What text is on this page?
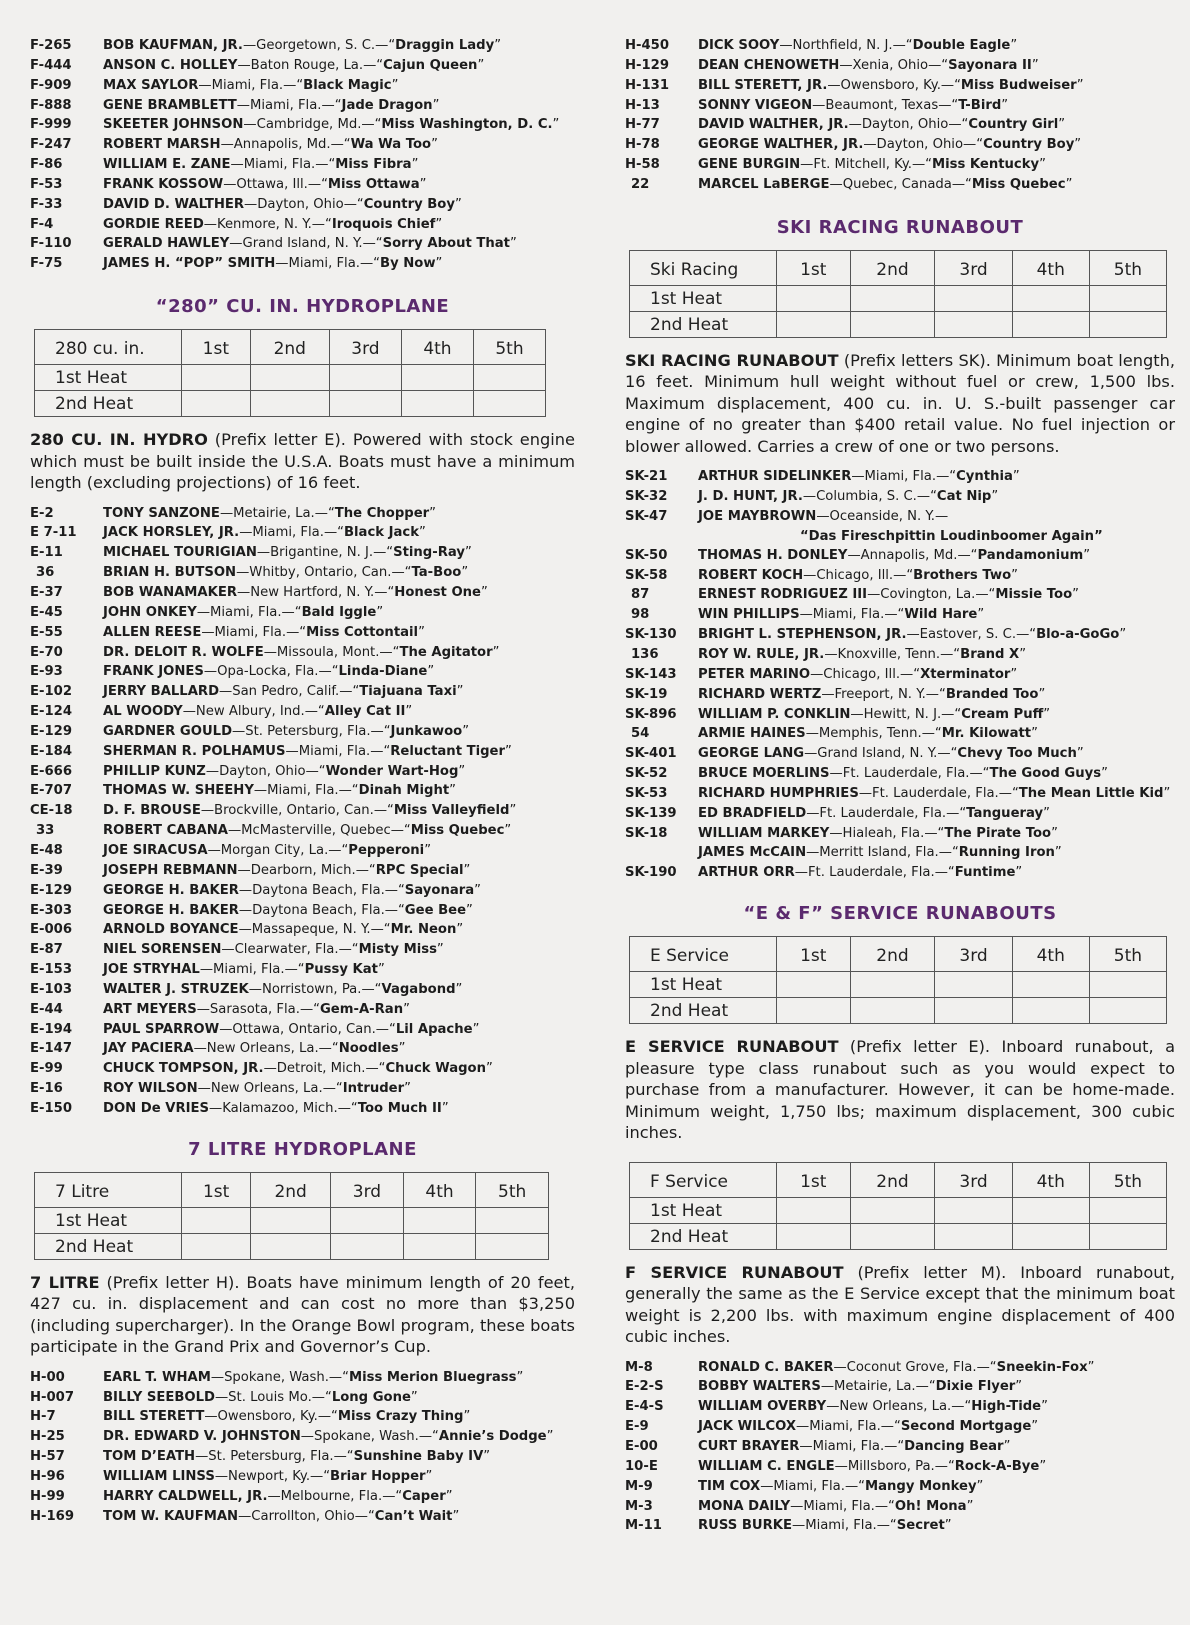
F-265	BOB KAUFMAN, JR.—Georgetown, S. C.—“Draggin Lady”
F-444	ANSON C. HOLLEY—Baton Rouge, La.—“Cajun Queen”
F-909	MAX SAYLOR—Miami, Fla.—“Black Magic”
F-888	GENE BRAMBLETT—Miami, Fla.—“Jade Dragon”
F-999	SKEETER JOHNSON—Cambridge, Md.—“Miss Washington, D. C.”
F-247	ROBERT MARSH—Annapolis, Md.—“Wa Wa Too”
F-86	WILLIAM E. ZANE—Miami, Fla.—“Miss Fibra”
F-53	FRANK KOSSOW—Ottawa, Ill.—“Miss Ottawa”
F-33	DAVID D. WALTHER—Dayton, Ohio—“Country Boy”
F-4	GORDIE REED—Kenmore, N. Y.—“Iroquois Chief”
F-110	GERALD HAWLEY—Grand Island, N. Y.—“Sorry About That”
F-75	JAMES H. “POP” SMITH—Miami, Fla.—“By Now”
“280” CU. IN. HYDROPLANE
280 cu. in.	1st	2nd	3rd	4th	5th
1st Heat					
2nd Heat					
280 CU. IN. HYDRO (Prefix letter E). Powered with stock engine which must be built inside the U.S.A. Boats must have a minimum length (excluding projections) of 16 feet.
E-2	TONY SANZONE—Metairie, La.—“The Chopper”
E 7-11	JACK HORSLEY, JR.—Miami, Fla.—“Black Jack”
E-11	MICHAEL TOURIGIAN—Brigantine, N. J.—“Sting-Ray”
36	BRIAN H. BUTSON—Whitby, Ontario, Can.—“Ta-Boo”
E-37	BOB WANAMAKER—New Hartford, N. Y.—“Honest One”
E-45	JOHN ONKEY—Miami, Fla.—“Bald Iggle”
E-55	ALLEN REESE—Miami, Fla.—“Miss Cottontail”
E-70	DR. DELOIT R. WOLFE—Missoula, Mont.—“The Agitator”
E-93	FRANK JONES—Opa-Locka, Fla.—“Linda-Diane”
E-102	JERRY BALLARD—San Pedro, Calif.—“Tiajuana Taxi”
E-124	AL WOODY—New Albury, Ind.—“Alley Cat II”
E-129	GARDNER GOULD—St. Petersburg, Fla.—“Junkawoo”
E-184	SHERMAN R. POLHAMUS—Miami, Fla.—“Reluctant Tiger”
E-666	PHILLIP KUNZ—Dayton, Ohio—“Wonder Wart-Hog”
E-707	THOMAS W. SHEEHY—Miami, Fla.—“Dinah Might”
CE-18	D. F. BROUSE—Brockville, Ontario, Can.—“Miss Valleyfield”
33	ROBERT CABANA—McMasterville, Quebec—“Miss Quebec”
E-48	JOE SIRACUSA—Morgan City, La.—“Pepperoni”
E-39	JOSEPH REBMANN—Dearborn, Mich.—“RPC Special”
E-129	GEORGE H. BAKER—Daytona Beach, Fla.—“Sayonara”
E-303	GEORGE H. BAKER—Daytona Beach, Fla.—“Gee Bee”
E-006	ARNOLD BOYANCE—Massapeque, N. Y.—“Mr. Neon”
E-87	NIEL SORENSEN—Clearwater, Fla.—“Misty Miss”
E-153	JOE STRYHAL—Miami, Fla.—“Pussy Kat”
E-103	WALTER J. STRUZEK—Norristown, Pa.—“Vagabond”
E-44	ART MEYERS—Sarasota, Fla.—“Gem-A-Ran”
E-194	PAUL SPARROW—Ottawa, Ontario, Can.—“Lil Apache”
E-147	JAY PACIERA—New Orleans, La.—“Noodles”
E-99	CHUCK TOMPSON, JR.—Detroit, Mich.—“Chuck Wagon”
E-16	ROY WILSON—New Orleans, La.—“Intruder”
E-150	DON De VRIES—Kalamazoo, Mich.—“Too Much II”
7 LITRE HYDROPLANE
7 Litre	1st	2nd	3rd	4th	5th
1st Heat					
2nd Heat					
7 LITRE (Prefix letter H). Boats have minimum length of 20 feet, 427 cu. in. displacement and can cost no more than $3,250 (including supercharger). In the Orange Bowl program, these boats participate in the Grand Prix and Governor’s Cup.
H-00	EARL T. WHAM—Spokane, Wash.—“Miss Merion Bluegrass”
H-007	BILLY SEEBOLD—St. Louis Mo.—“Long Gone”
H-7	BILL STERETT—Owensboro, Ky.—“Miss Crazy Thing”
H-25	DR. EDWARD V. JOHNSTON—Spokane, Wash.—“Annie’s Dodge”
H-57	TOM D’EATH—St. Petersburg, Fla.—“Sunshine Baby IV”
H-96	WILLIAM LINSS—Newport, Ky.—“Briar Hopper”
H-99	HARRY CALDWELL, JR.—Melbourne, Fla.—“Caper”
H-169	TOM W. KAUFMAN—Carrollton, Ohio—“Can’t Wait”
H-450	DICK SOOY—Northfield, N. J.—“Double Eagle”
H-129	DEAN CHENOWETH—Xenia, Ohio—“Sayonara II”
H-131	BILL STERETT, JR.—Owensboro, Ky.—“Miss Budweiser”
H-13	SONNY VIGEON—Beaumont, Texas—“T-Bird”
H-77	DAVID WALTHER, JR.—Dayton, Ohio—“Country Girl”
H-78	GEORGE WALTHER, JR.—Dayton, Ohio—“Country Boy”
H-58	GENE BURGIN—Ft. Mitchell, Ky.—“Miss Kentucky”
22	MARCEL LaBERGE—Quebec, Canada—“Miss Quebec”
SKI RACING RUNABOUT
Ski Racing	1st	2nd	3rd	4th	5th
1st Heat					
2nd Heat					
SKI RACING RUNABOUT (Prefix letters SK). Minimum boat length, 16 feet. Minimum hull weight without fuel or crew, 1,500 lbs. Maximum displacement, 400 cu. in. U. S.-built passenger car engine of no greater than $400 retail value. No fuel injection or blower allowed. Carries a crew of one or two persons.
SK-21	ARTHUR SIDELINKER—Miami, Fla.—“Cynthia”
SK-32	J. D. HUNT, JR.—Columbia, S. C.—“Cat Nip”
SK-47	JOE MAYBROWN—Oceanside, N. Y.—
“Das Fireschpittin Loudinboomer Again”
SK-50	THOMAS H. DONLEY—Annapolis, Md.—“Pandamonium”
SK-58	ROBERT KOCH—Chicago, Ill.—“Brothers Two”
87	ERNEST RODRIGUEZ III—Covington, La.—“Missie Too”
98	WIN PHILLIPS—Miami, Fla.—“Wild Hare”
SK-130	BRIGHT L. STEPHENSON, JR.—Eastover, S. C.—“Blo-a-GoGo”
136	ROY W. RULE, JR.—Knoxville, Tenn.—“Brand X”
SK-143	PETER MARINO—Chicago, Ill.—“Xterminator”
SK-19	RICHARD WERTZ—Freeport, N. Y.—“Branded Too”
SK-896	WILLIAM P. CONKLIN—Hewitt, N. J.—“Cream Puff”
54	ARMIE HAINES—Memphis, Tenn.—“Mr. Kilowatt”
SK-401	GEORGE LANG—Grand Island, N. Y.—“Chevy Too Much”
SK-52	BRUCE MOERLINS—Ft. Lauderdale, Fla.—“The Good Guys”
SK-53	RICHARD HUMPHRIES—Ft. Lauderdale, Fla.—“The Mean Little Kid”
SK-139	ED BRADFIELD—Ft. Lauderdale, Fla.—“Tangueray”
SK-18	WILLIAM MARKEY—Hialeah, Fla.—“The Pirate Too”
JAMES McCAIN—Merritt Island, Fla.—“Running Iron”
SK-190	ARTHUR ORR—Ft. Lauderdale, Fla.—“Funtime”
“E & F” SERVICE RUNABOUTS
E Service	1st	2nd	3rd	4th	5th
1st Heat					
2nd Heat					
E SERVICE RUNABOUT (Prefix letter E). Inboard runabout, a pleasure type class runabout such as you would expect to purchase from a manufacturer. However, it can be home-made. Minimum weight, 1,750 lbs; maximum displacement, 300 cubic inches.
F Service	1st	2nd	3rd	4th	5th
1st Heat					
2nd Heat					
F SERVICE RUNABOUT (Prefix letter M). Inboard runabout, generally the same as the E Service except that the minimum boat weight is 2,200 lbs. with maximum engine displacement of 400 cubic inches.
M-8	RONALD C. BAKER—Coconut Grove, Fla.—“Sneekin-Fox”
E-2-S	BOBBY WALTERS—Metairie, La.—“Dixie Flyer”
E-4-S	WILLIAM OVERBY—New Orleans, La.—“High-Tide”
E-9	JACK WILCOX—Miami, Fla.—“Second Mortgage”
E-00	CURT BRAYER—Miami, Fla.—“Dancing Bear”
10-E	WILLIAM C. ENGLE—Millsboro, Pa.—“Rock-A-Bye”
M-9	TIM COX—Miami, Fla.—“Mangy Monkey”
M-3	MONA DAILY—Miami, Fla.—“Oh! Mona”
M-11	RUSS BURKE—Miami, Fla.—“Secret”
